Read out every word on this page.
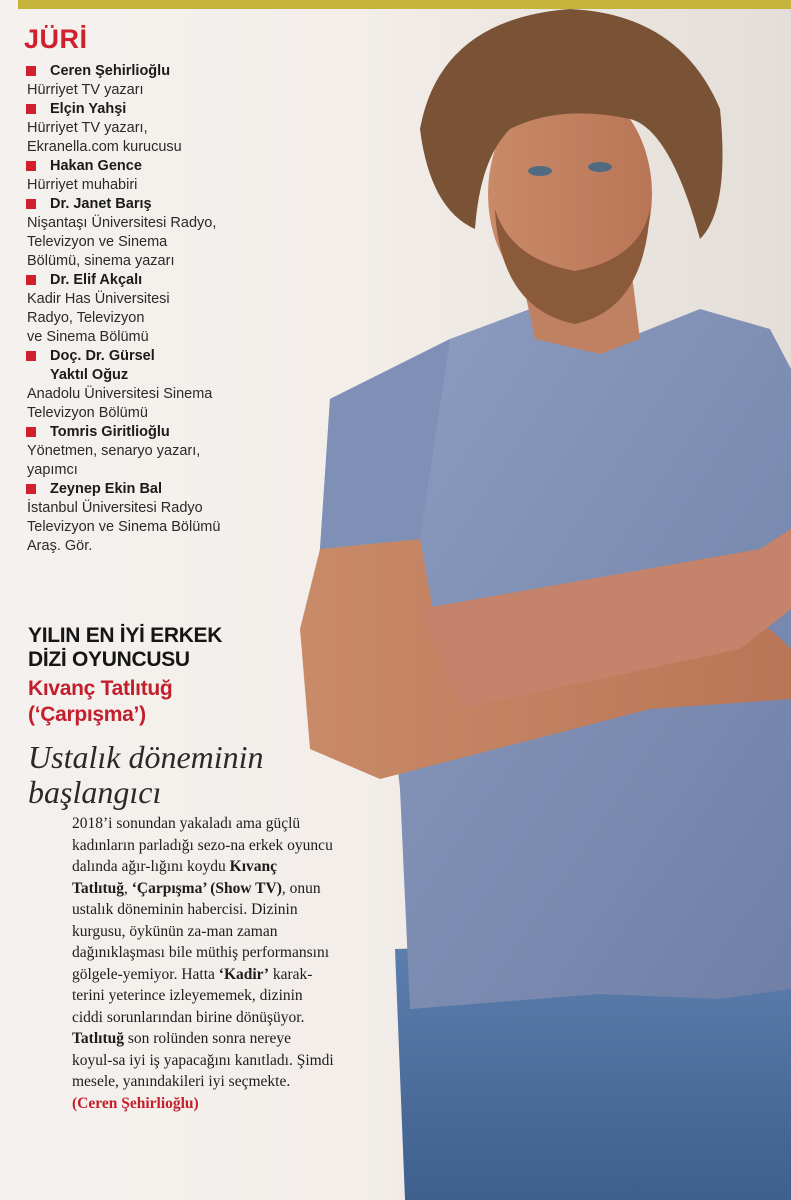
JÜRİ
Ceren Şehirlioğlu
Hürriyet TV yazarı
Elçin Yahşi
Hürriyet TV yazarı,
Ekranella.com kurucusu
Hakan Gence
Hürriyet muhabiri
Dr. Janet Barış
Nişantaşı Üniversitesi Radyo,
Televizyon ve Sinema
Bölümü, sinema yazarı
Dr. Elif Akçalı
Kadir Has Üniversitesi
Radyo, Televizyon
ve Sinema Bölümü
Doç. Dr. Gürsel
Yaktıl Oğuz
Anadolu Üniversitesi Sinema
Televizyon Bölümü
Tomris Giritlioğlu
Yönetmen, senaryo yazarı,
yapımcı
Zeynep Ekin Bal
İstanbul Üniversitesi Radyo
Televizyon ve Sinema Bölümü
Araş. Gör.
YILIN EN İYİ ERKEK
DİZİ OYUNCUSU
Kıvanç Tatlıtuğ
(‘Çarpışma’)
Ustalık döneminin
başlangıcı
2018’i sonundan yakaladı ama güçlü kadınların parladığı sezo-na erkek oyuncu dalında ağır-lığını koydu Kıvanç Tatlıtuğ, ‘Çarpışma’ (Show TV), onun ustalık döneminin habercisi. Dizinin kurgusu, öykünün za-man zaman dağınıklaşması bile müthiş performansını gölgele-yemiyor. Hatta ‘Kadir’ karak-terini yeterince izleyememek, dizinin ciddi sorunlarından birine dönüşüyor. Tatlıtuğ son rolünden sonra nereye koyul-sa iyi iş yapacağını kanıtladı. Şimdi mesele, yanındakileri iyi seçmekte. (Ceren Şehirlioğlu)
